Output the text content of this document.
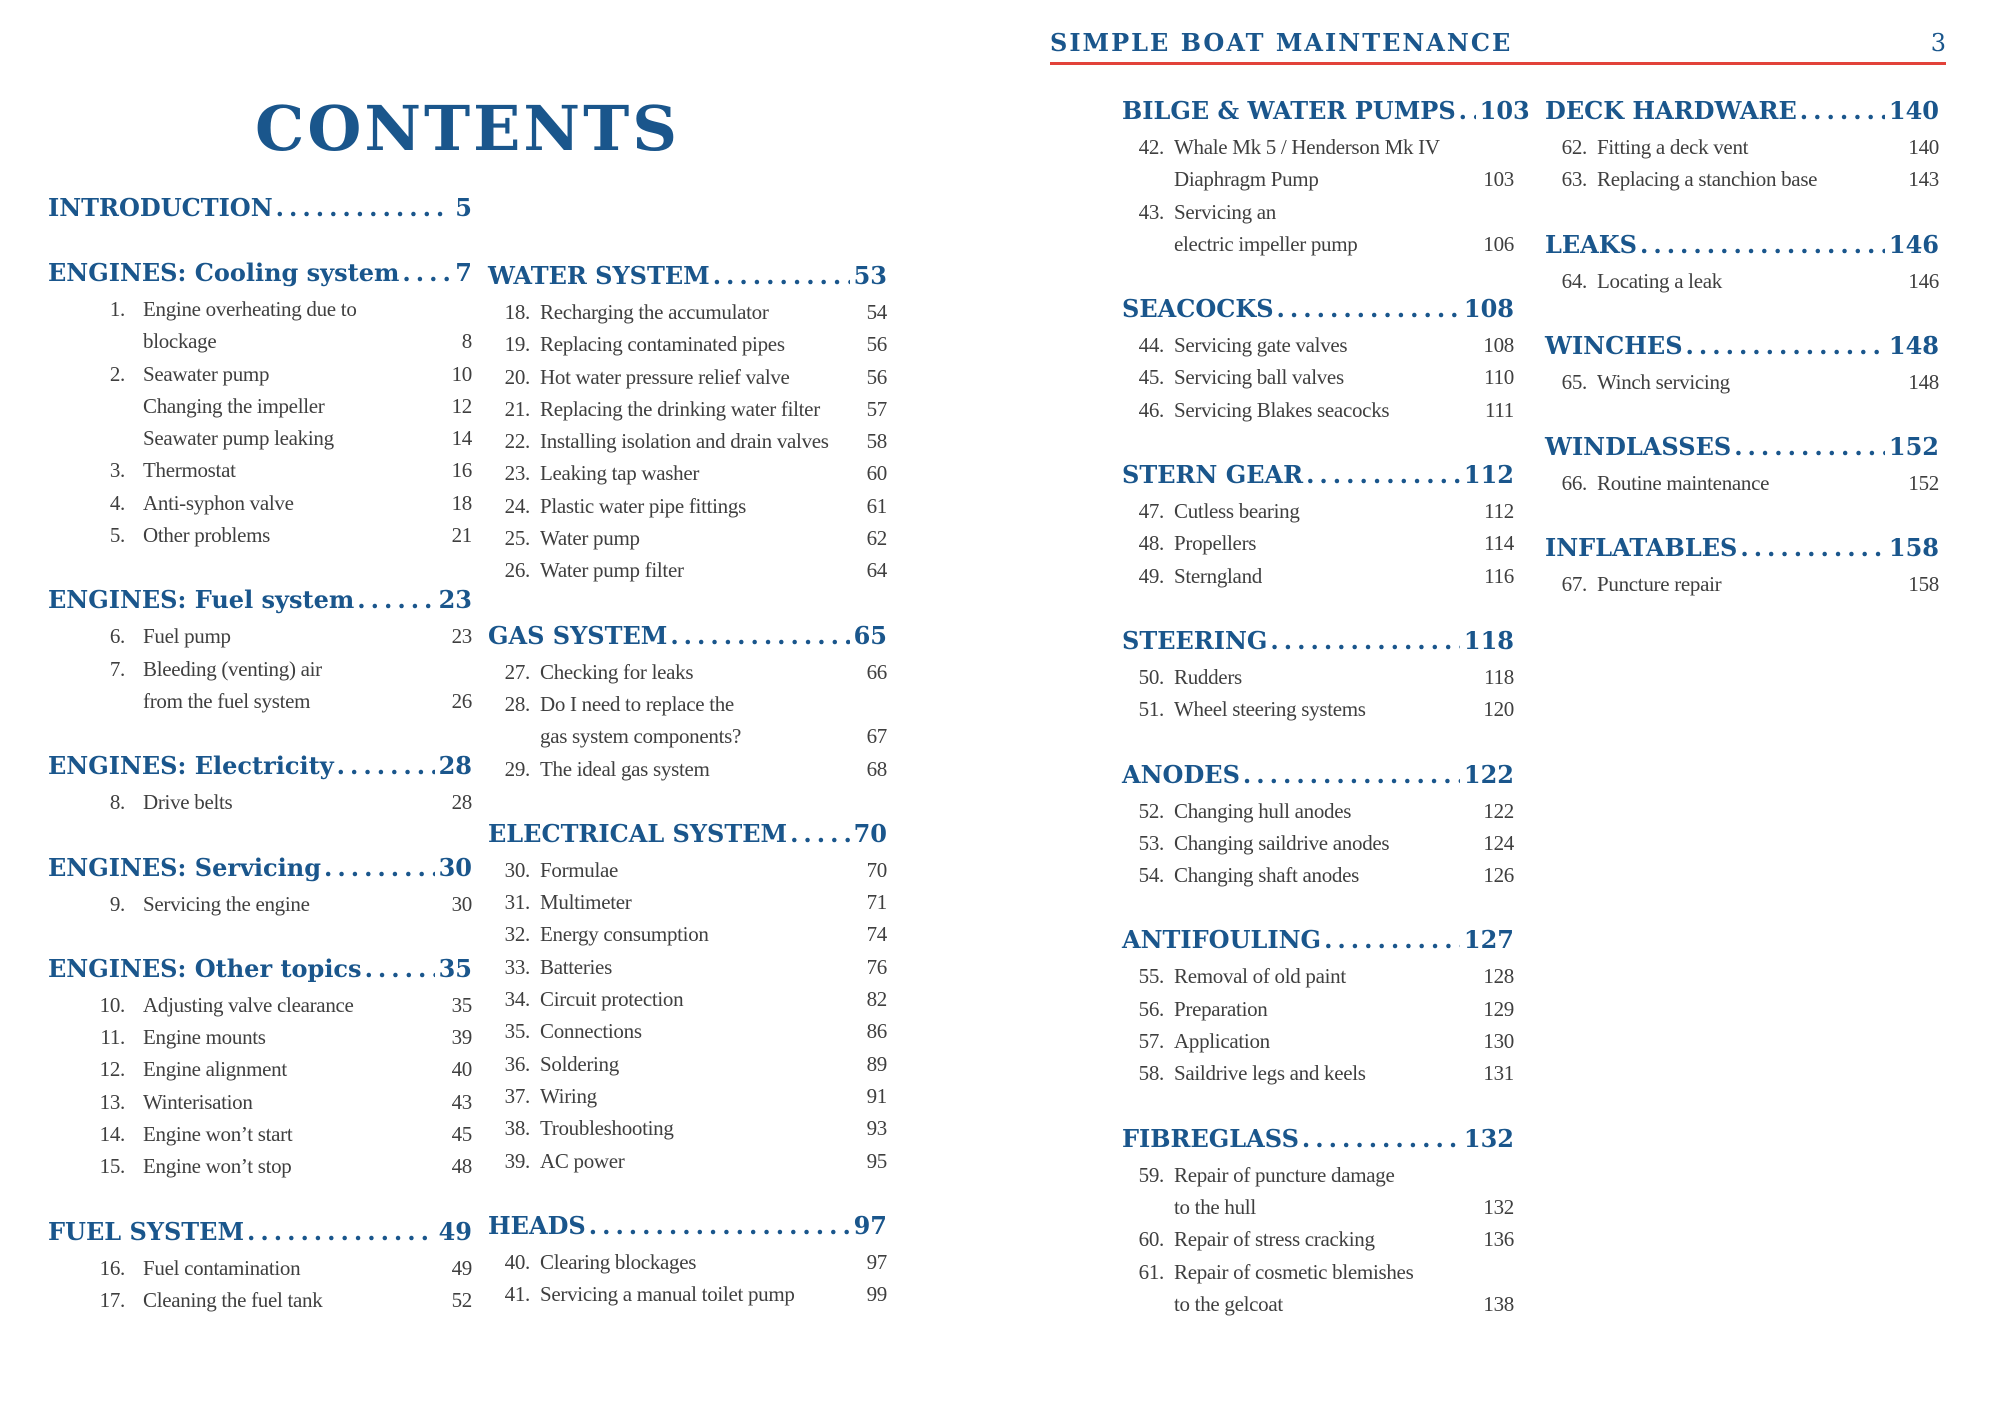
SIMPLE BOAT MAINTENANCE	3
CONTENTS
INTRODUCTION .....	5
ENGINES: Cooling system ..... 7
1. Engine overheating due to
blockage	8
2. Seawater pump	10
Changing the impeller	12
Seawater pump leaking	14
3. Thermostat	16
4. Anti-syphon valve	18
5. Other problems	21
ENGINES: Fuel system .....	23
6. Fuel pump	23
7. Bleeding (venting) air
from the fuel system	26
ENGINES: Electricity .....	28
8. Drive belts	28
ENGINES: Servicing .....	30
9. Servicing the engine	30
ENGINES: Other topics .....	35
10. Adjusting valve clearance	35
11. Engine mounts	39
12. Engine alignment	40
13. Winterisation	43
14. Engine won’t start	45
15. Engine won’t stop	48
FUEL SYSTEM .....	49
16. Fuel contamination	49
17. Cleaning the fuel tank	52
WATER SYSTEM .....	53
18. Recharging the accumulator	54
19. Replacing contaminated pipes	56
20. Hot water pressure relief valve	56
21. Replacing the drinking water filter	57
22. Installing isolation and drain valves	58
23. Leaking tap washer	60
24. Plastic water pipe fittings	61
25. Water pump	62
26. Water pump filter	64
GAS SYSTEM .....	65
27. Checking for leaks	66
28. Do I need to replace the
gas system components?	67
29. The ideal gas system	68
ELECTRICAL SYSTEM .....	70
30. Formulae	70
31. Multimeter	71
32. Energy consumption	74
33. Batteries	76
34. Circuit protection	82
35. Connections	86
36. Soldering	89
37. Wiring	91
38. Troubleshooting	93
39. AC power	95
HEADS .....	97
40. Clearing blockages	97
41. Servicing a manual toilet pump	99
BILGE & WATER PUMPS ..... 103
42. Whale Mk 5 / Henderson Mk IV
Diaphragm Pump	103
43. Servicing an
electric impeller pump	106
SEACOCKS .....	108
44. Servicing gate valves	108
45. Servicing ball valves	110
46. Servicing Blakes seacocks	111
STERN GEAR .....	112
47. Cutless bearing	112
48. Propellers	114
49. Sterngland	116
STEERING .....	118
50. Rudders	118
51. Wheel steering systems	120
ANODES .....	122
52. Changing hull anodes	122
53. Changing saildrive anodes	124
54. Changing shaft anodes	126
ANTIFOULING .....	127
55. Removal of old paint	128
56. Preparation	129
57. Application	130
58. Saildrive legs and keels	131
FIBREGLASS .....	132
59. Repair of puncture damage
to the hull	132
60. Repair of stress cracking	136
61. Repair of cosmetic blemishes
to the gelcoat	138
DECK HARDWARE .....	140
62. Fitting a deck vent	140
63. Replacing a stanchion base	143
LEAKS .....	146
64. Locating a leak	146
WINCHES .....	148
65. Winch servicing	148
WINDLASSES .....	152
66. Routine maintenance	152
INFLATABLES .....	158
67. Puncture repair	158
